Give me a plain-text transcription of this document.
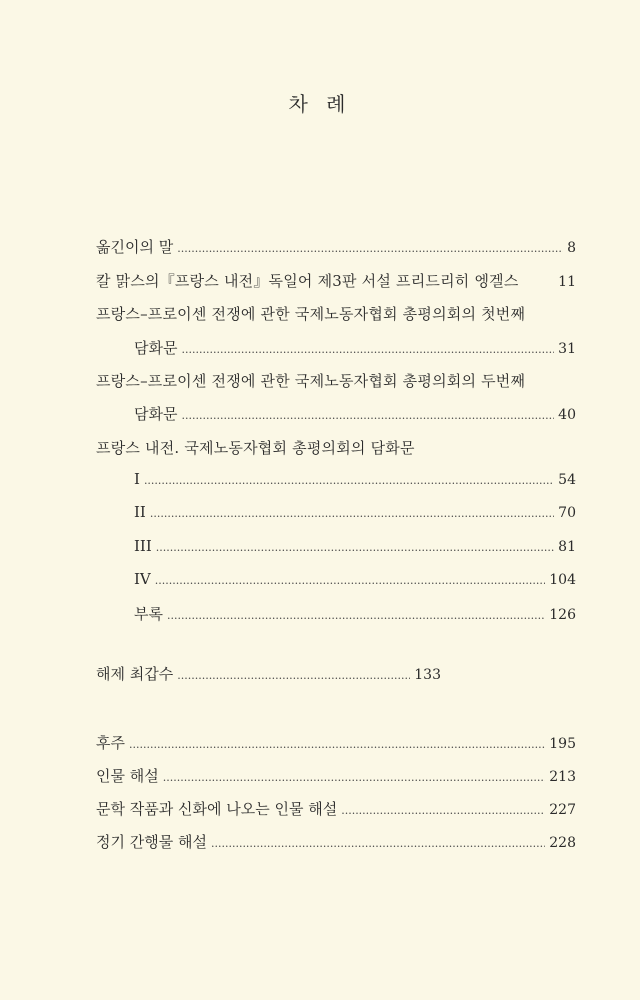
차 례
옮긴이의 말 .....	8
칼 맑스의『프랑스 내전』독일어 제3판 서설 프리드리히 엥겔스	11
프랑스–프로이센 전쟁에 관한 국제노동자협회 총평의회의 첫번째
담화문 .....	31
프랑스–프로이센 전쟁에 관한 국제노동자협회 총평의회의 두번째
담화문 .....	40
프랑스 내전. 국제노동자협회 총평의회의 담화문
I .....	54
II .....	70
III .....	81
IV .....	104
부록 .....	126
해제 최갑수 .....	133
후주 .....	195
인물 해설 .....	213
문학 작품과 신화에 나오는 인물 해설 .....	227
정기 간행물 해설 .....	228
